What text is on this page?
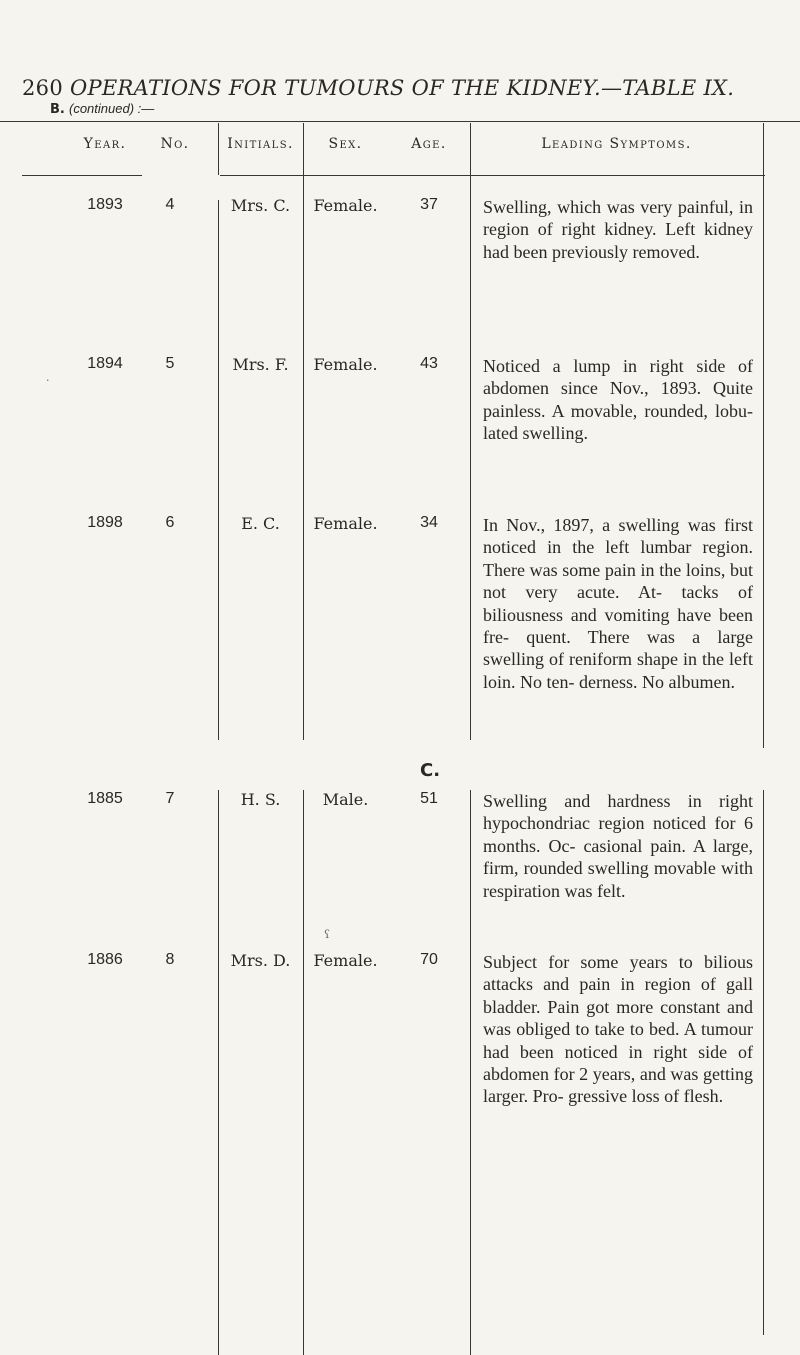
260 OPERATIONS FOR TUMOURS OF THE KIDNEY.—TABLE IX.
B. (continued) :—
Year.	No.	Initials.	Sex.	Age.	Leading Symptoms.
1893	4	Mrs. C.	Female.	37	Swelling, which was very painful, in region of right kidney. Left kidney had been previously removed.
1894	5	Mrs. F.	Female.	43	Noticed a lump in right side of abdomen since Nov., 1893. Quite painless. A movable, rounded, lobu- lated swelling.
1898	6	E. C.	Female.	34	In Nov., 1897, a swelling was first noticed in the left lumbar region. There was some pain in the loins, but not very acute. At- tacks of biliousness and vomiting have been fre- quent. There was a large swelling of reniform shape in the left loin. No ten- derness. No albumen.
C.
1885	7	H. S.	Male.	51	Swelling and hardness in right hypochondriac region noticed for 6 months. Oc- casional pain. A large, firm, rounded swelling movable with respiration was felt.
1886	8	Mrs. D.	Female.	70	Subject for some years to bilious attacks and pain in region of gall bladder. Pain got more constant and was obliged to take to bed. A tumour had been noticed in right side of abdomen for 2 years, and was getting larger. Pro- gressive loss of flesh.
·
ʕ
